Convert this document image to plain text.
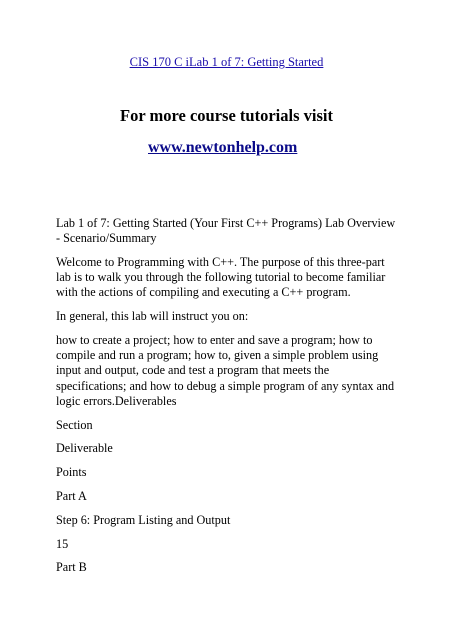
CIS 170 C iLab 1 of 7: Getting Started
For more course tutorials visit
www.newtonhelp.com

Lab 1 of 7: Getting Started (Your First C++ Programs) Lab Overview - Scenario/Summary

Welcome to Programming with C++. The purpose of this three-part lab is to walk you through the following tutorial to become familiar with the actions of compiling and executing a C++ program.

In general, this lab will instruct you on:

how to create a project; how to enter and save a program; how to compile and run a program; how to, given a simple problem using input and output, code and test a program that meets the specifications; and how to debug a simple program of any syntax and logic errors.Deliverables

Section

Deliverable

Points

Part A

Step 6: Program Listing and Output

15

Part B
